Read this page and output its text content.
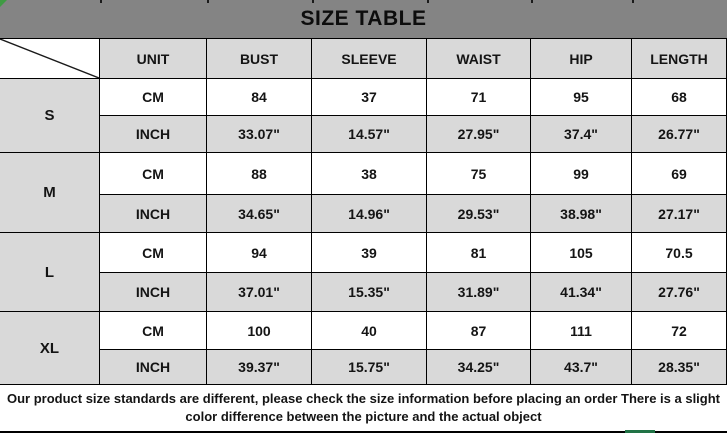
SIZE TABLE
UNIT	BUST	SLEEVE	WAIST	HIP	LENGTH
S
CM	84	37	71	95	68
INCH	33.07"	14.57"	27.95"	37.4"	26.77"
M
CM	88	38	75	99	69
INCH	34.65"	14.96"	29.53"	38.98"	27.17"
L
CM	94	39	81	105	70.5
INCH	37.01"	15.35"	31.89"	41.34"	27.76"
XL
CM	100	40	87	111	72
INCH	39.37"	15.75"	34.25"	43.7"	28.35"
Our product size standards are different, please check the size information before placing an order There is a slight
color difference between the picture and the actual object
